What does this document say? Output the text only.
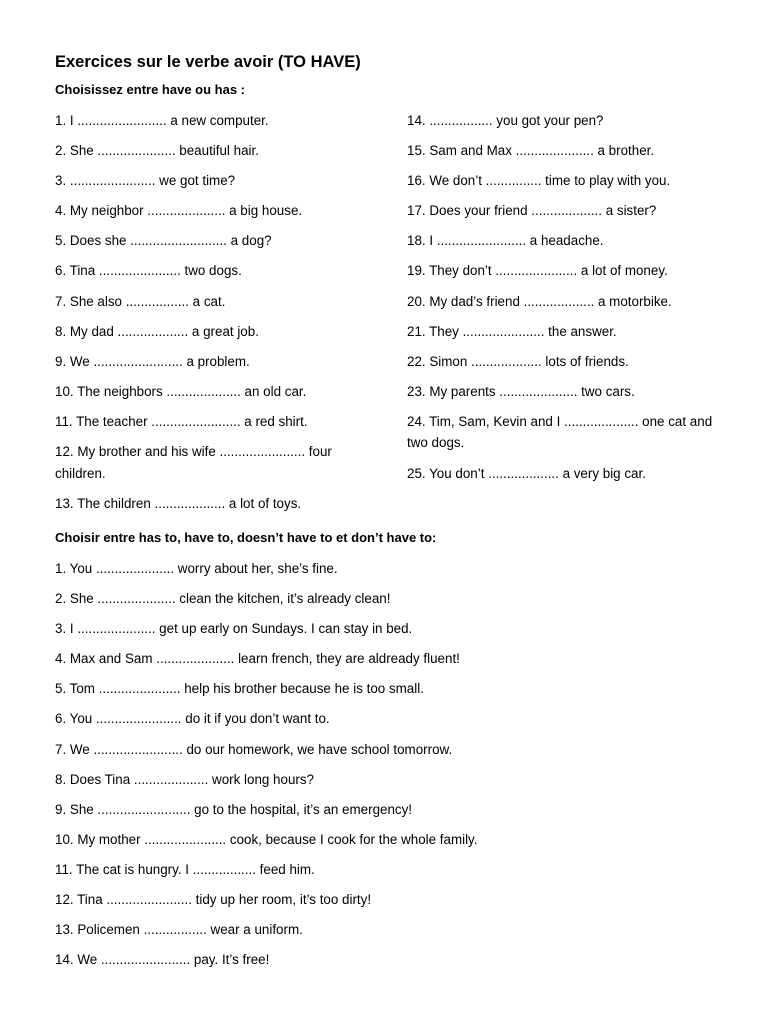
Exercices sur le verbe avoir (TO HAVE)
Choisissez entre have ou has :
1. I ........................ a new computer.
2. She ..................... beautiful hair.
3. ....................... we got time?
4. My neighbor ..................... a big house.
5. Does she .......................... a dog?
6. Tina ...................... two dogs.
7. She also ................. a cat.
8. My dad ................... a great job.
9. We ........................ a problem.
10. The neighbors .................... an old car.
11. The teacher ........................ a red shirt.
12. My brother and his wife ....................... four children.
13. The children ................... a lot of toys.
14. ................. you got your pen?
15. Sam and Max ..................... a brother.
16. We don’t ............... time to play with you.
17. Does your friend ................... a sister?
18. I ........................ a headache.
19. They don’t ...................... a lot of money.
20. My dad’s friend ................... a motorbike.
21. They ...................... the answer.
22. Simon ................... lots of friends.
23. My parents ..................... two cars.
24. Tim, Sam, Kevin and I .................... one cat and two dogs.
25. You don’t ................... a very big car.
Choisir entre has to, have to, doesn’t have to et don’t have to:
1. You ..................... worry about her, she’s fine.
2. She ..................... clean the kitchen, it’s already clean!
3. I ..................... get up early on Sundays. I can stay in bed.
4. Max and Sam ..................... learn french, they are aldready fluent!
5. Tom ...................... help his brother because he is too small.
6. You ....................... do it if you don’t want to.
7. We ........................ do our homework, we have school tomorrow.
8. Does Tina .................... work long hours?
9. She ......................... go to the hospital, it’s an emergency!
10. My mother ...................... cook, because I cook for the whole family.
11. The cat is hungry. I ................. feed him.
12. Tina ....................... tidy up her room, it’s too dirty!
13. Policemen ................. wear a uniform.
14. We ........................ pay. It’s free!
